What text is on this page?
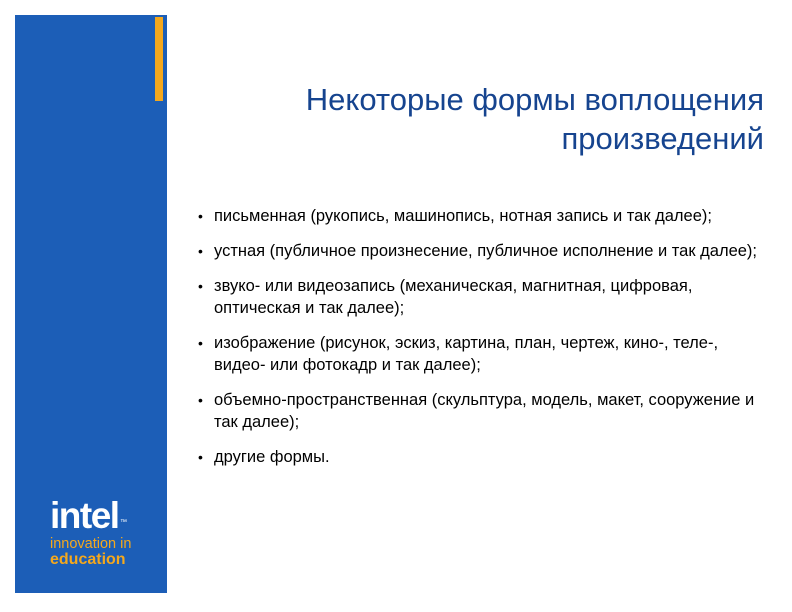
Некоторые формы воплощения
произведений
• письменная (рукопись, машинопись, нотная запись и так далее);
• устная (публичное произнесение, публичное исполнение и так далее);
• звуко- или видеозапись (механическая, магнитная, цифровая, оптическая и так далее);
• изображение (рисунок, эскиз, картина, план, чертеж, кино-, теле-, видео- или фотокадр и так далее);
• объемно-пространственная (скульптура, модель, макет, сооружение и так далее);
• другие формы.
intel ™
innovation in
education
